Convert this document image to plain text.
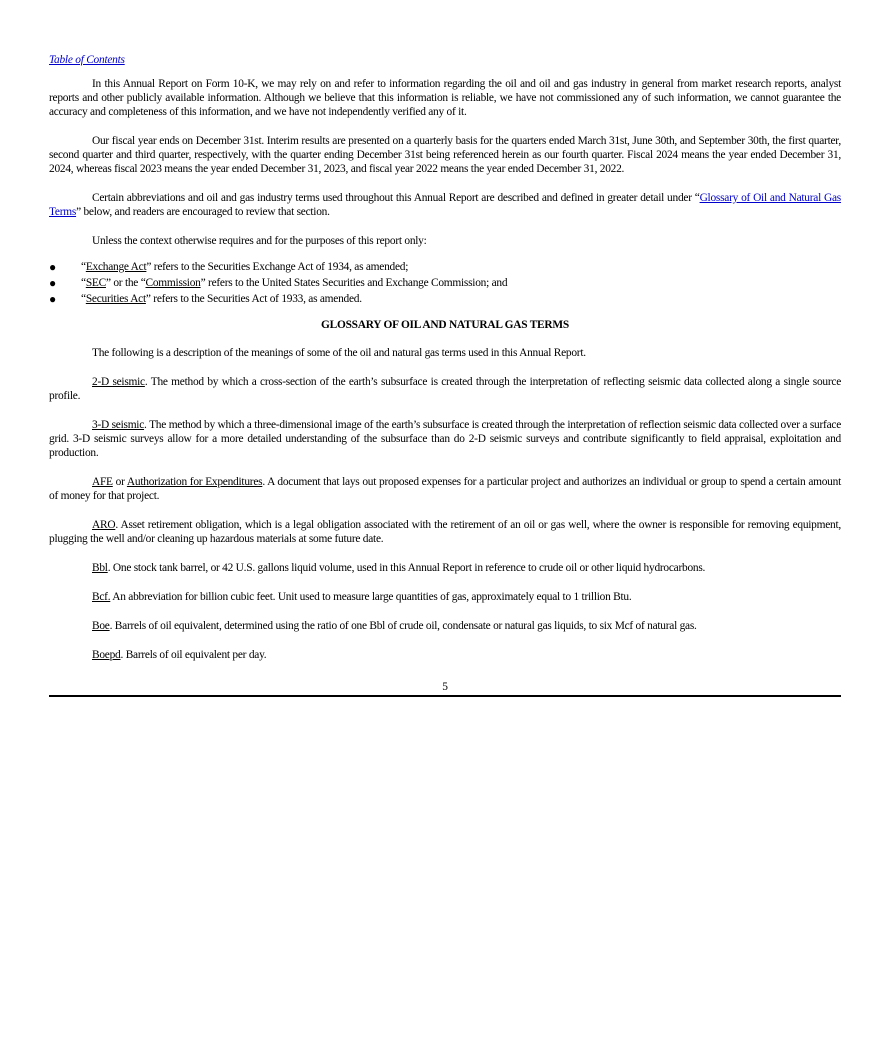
Table of Contents

In this Annual Report on Form 10-K, we may rely on and refer to information regarding the oil and oil and gas industry in general from market research reports, analyst reports and other publicly available information. Although we believe that this information is reliable, we have not commissioned any of such information, we cannot guarantee the accuracy and completeness of this information, and we have not independently verified any of it.

Our fiscal year ends on December 31st. Interim results are presented on a quarterly basis for the quarters ended March 31st, June 30th, and September 30th, the first quarter, second quarter and third quarter, respectively, with the quarter ending December 31st being referenced herein as our fourth quarter. Fiscal 2024 means the year ended December 31, 2024, whereas fiscal 2023 means the year ended December 31, 2023, and fiscal year 2022 means the year ended December 31, 2022.

Certain abbreviations and oil and gas industry terms used throughout this Annual Report are described and defined in greater detail under “Glossary of Oil and Natural Gas Terms” below, and readers are encouraged to review that section.

Unless the context otherwise requires and for the purposes of this report only:

● “Exchange Act” refers to the Securities Exchange Act of 1934, as amended;
● “SEC” or the “Commission” refers to the United States Securities and Exchange Commission; and
● “Securities Act” refers to the Securities Act of 1933, as amended.
GLOSSARY OF OIL AND NATURAL GAS TERMS

The following is a description of the meanings of some of the oil and natural gas terms used in this Annual Report.

2-D seismic. The method by which a cross-section of the earth’s subsurface is created through the interpretation of reflecting seismic data collected along a single source profile.

3-D seismic. The method by which a three-dimensional image of the earth’s subsurface is created through the interpretation of reflection seismic data collected over a surface grid. 3-D seismic surveys allow for a more detailed understanding of the subsurface than do 2-D seismic surveys and contribute significantly to field appraisal, exploitation and production.

AFE or Authorization for Expenditures. A document that lays out proposed expenses for a particular project and authorizes an individual or group to spend a certain amount of money for that project.

ARO. Asset retirement obligation, which is a legal obligation associated with the retirement of an oil or gas well, where the owner is responsible for removing equipment, plugging the well and/or cleaning up hazardous materials at some future date.

Bbl. One stock tank barrel, or 42 U.S. gallons liquid volume, used in this Annual Report in reference to crude oil or other liquid hydrocarbons.

Bcf. An abbreviation for billion cubic feet. Unit used to measure large quantities of gas, approximately equal to 1 trillion Btu.

Boe. Barrels of oil equivalent, determined using the ratio of one Bbl of crude oil, condensate or natural gas liquids, to six Mcf of natural gas.

Boepd. Barrels of oil equivalent per day.

5
